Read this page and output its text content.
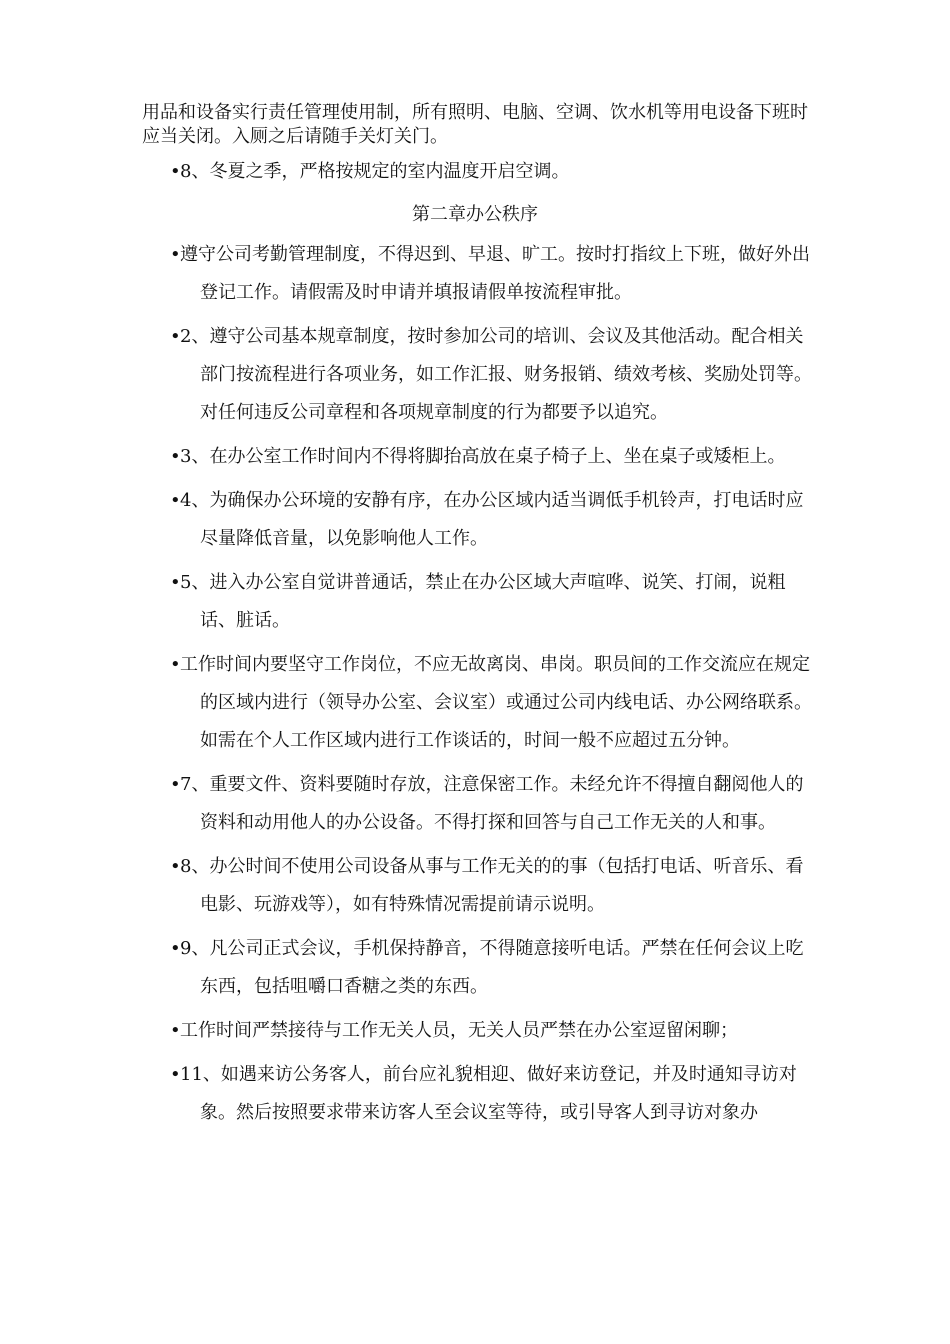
用品和设备实行责任管理使用制，所有照明、电脑、空调、饮水机等用电设备下班时应当关闭。入厕之后请随手关灯关门。

•8、冬夏之季，严格按规定的室内温度开启空调。

第二章办公秩序

•遵守公司考勤管理制度，不得迟到、早退、旷工。按时打指纹上下班，做好外出登记工作。请假需及时申请并填报请假单按流程审批。

•2、遵守公司基本规章制度，按时参加公司的培训、会议及其他活动。配合相关部门按流程进行各项业务，如工作汇报、财务报销、绩效考核、奖励处罚等。对任何违反公司章程和各项规章制度的行为都要予以追究。

•3、在办公室工作时间内不得将脚抬高放在桌子椅子上、坐在桌子或矮柜上。

•4、为确保办公环境的安静有序，在办公区域内适当调低手机铃声，打电话时应尽量降低音量，以免影响他人工作。

•5、进入办公室自觉讲普通话，禁止在办公区域大声喧哗、说笑、打闹，说粗话、脏话。

•工作时间内要坚守工作岗位，不应无故离岗、串岗。职员间的工作交流应在规定的区域内进行（领导办公室、会议室）或通过公司内线电话、办公网络联系。如需在个人工作区域内进行工作谈话的，时间一般不应超过五分钟。

•7、重要文件、资料要随时存放，注意保密工作。未经允许不得擅自翻阅他人的资料和动用他人的办公设备。不得打探和回答与自己工作无关的人和事。

•8、办公时间不使用公司设备从事与工作无关的的事（包括打电话、听音乐、看电影、玩游戏等），如有特殊情况需提前请示说明。

•9、凡公司正式会议，手机保持静音，不得随意接听电话。严禁在任何会议上吃东西，包括咀嚼口香糖之类的东西。

•工作时间严禁接待与工作无关人员，无关人员严禁在办公室逗留闲聊；

•11、如遇来访公务客人，前台应礼貌相迎、做好来访登记，并及时通知寻访对象。然后按照要求带来访客人至会议室等待，或引导客人到寻访对象办
